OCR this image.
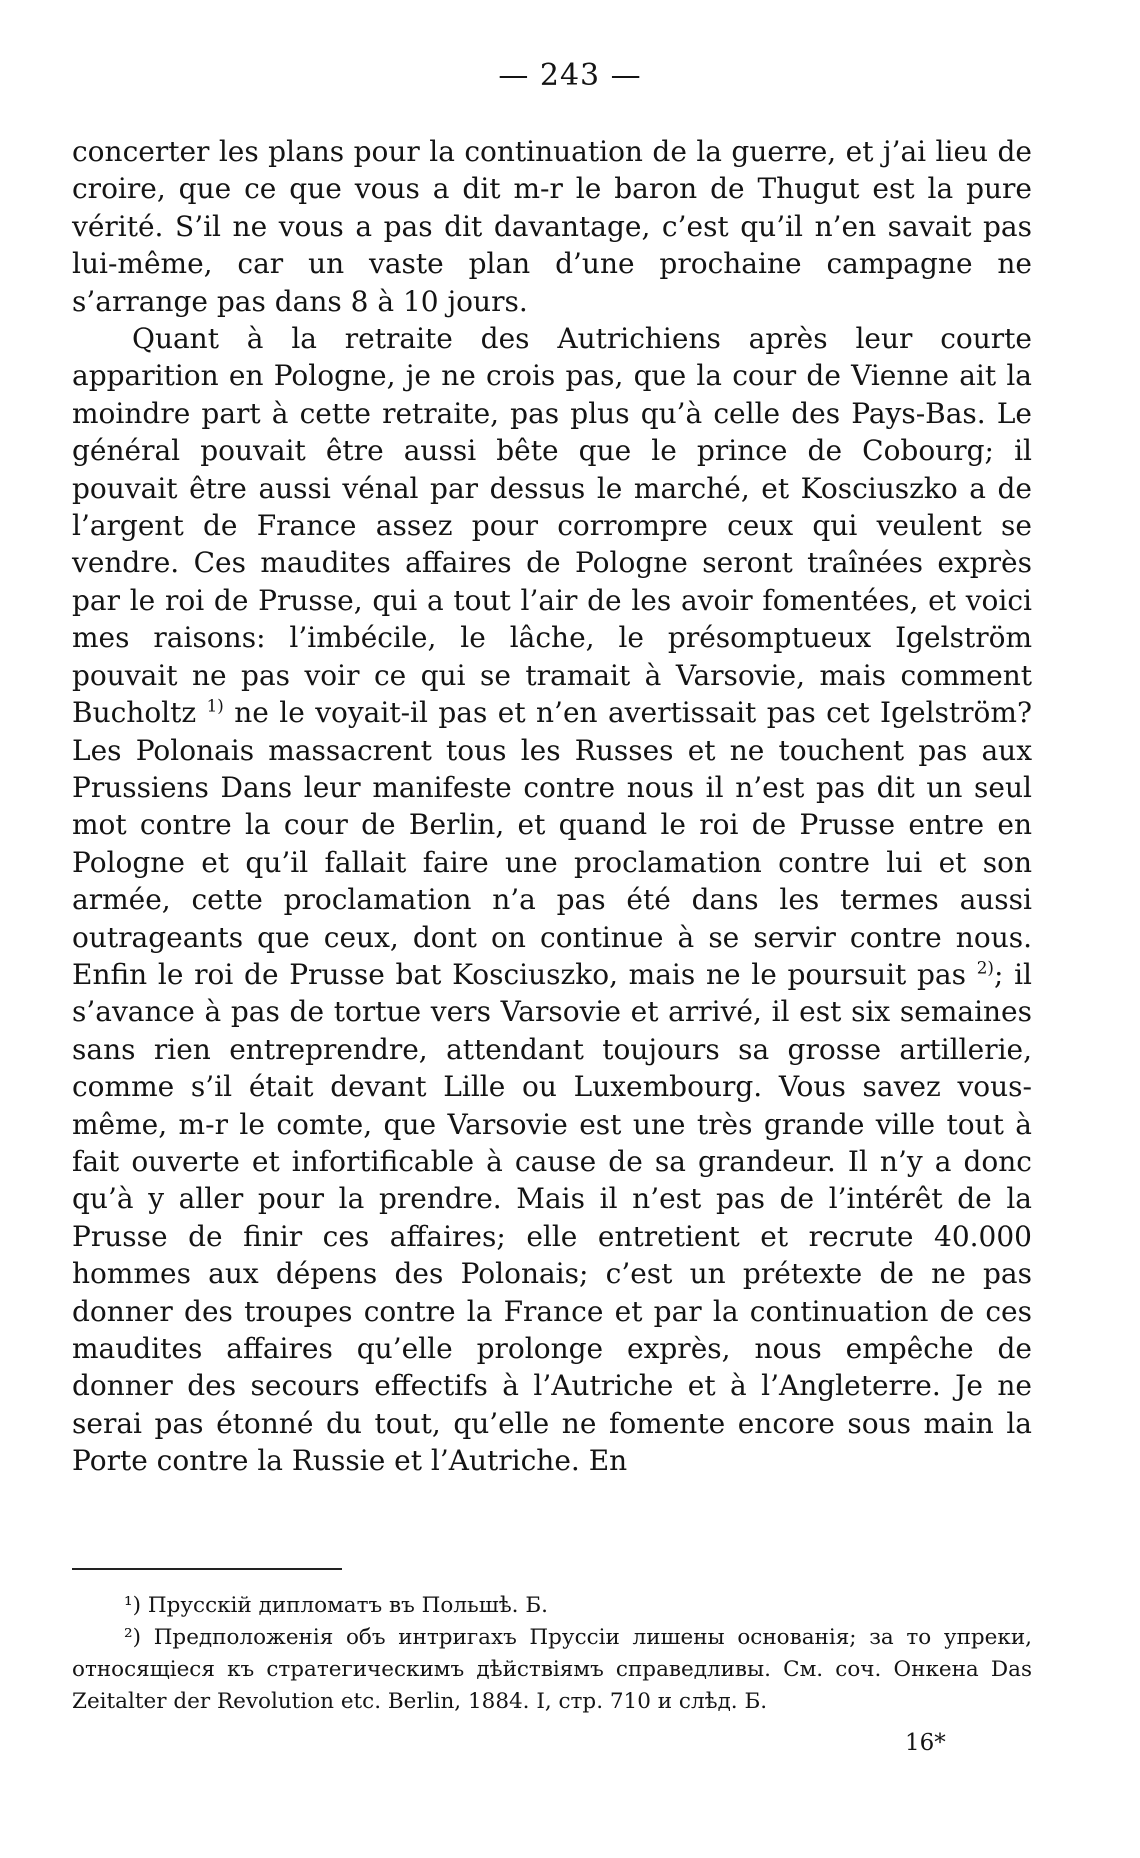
— 243 —

concerter les plans pour la continuation de la guerre, et j’ai lieu de croire, que ce que vous a dit m-r le baron de Thugut est la pure vérité. S’il ne vous a pas dit davantage, c’est qu’il n’en savait pas lui-même, car un vaste plan d’une prochaine campagne ne s’arrange pas dans 8 à 10 jours.

Quant à la retraite des Autrichiens après leur courte apparition en Pologne, je ne crois pas, que la cour de Vienne ait la moindre part à cette retraite, pas plus qu’à celle des Pays-Bas. Le général pouvait être aussi bête que le prince de Cobourg; il pouvait être aussi vénal par dessus le marché, et Kosciuszko a de l’argent de France assez pour corrompre ceux qui veulent se vendre. Ces maudites affaires de Pologne seront traînées exprès par le roi de Prusse, qui a tout l’air de les avoir fomentées, et voici mes raisons: l’imbécile, le lâche, le présomptueux Igelström pouvait ne pas voir ce qui se tramait à Varsovie, mais comment Bucholtz $^{1)}$ ne le voyait-il pas et n’en avertissait pas cet Igelström? Les Polonais massacrent tous les Russes et ne touchent pas aux Prussiens Dans leur manifeste contre nous il n’est pas dit un seul mot contre la cour de Berlin, et quand le roi de Prusse entre en Pologne et qu’il fallait faire une proclamation contre lui et son armée, cette proclamation n’a pas été dans les termes aussi outrageants que ceux, dont on continue à se servir contre nous. Enfin le roi de Prusse bat Kosciuszko, mais ne le poursuit pas $^{2)}$; il s’avance à pas de tortue vers Varsovie et arrivé, il est six semaines sans rien entreprendre, attendant toujours sa grosse artillerie, comme s’il était devant Lille ou Luxembourg. Vous savez vous-même, m-r le comte, que Varsovie est une très grande ville tout à fait ouverte et infortificable à cause de sa grandeur. Il n’y a donc qu’à y aller pour la prendre. Mais il n’est pas de l’intérêt de la Prusse de finir ces affaires; elle entretient et recrute 40.000 hommes aux dépens des Polonais; c’est un prétexte de ne pas donner des troupes contre la France et par la continuation de ces maudites affaires qu’elle prolonge exprès, nous empêche de donner des secours effectifs à l’Autriche et à l’Angleterre. Je ne serai pas étonné du tout, qu’elle ne fomente encore sous main la Porte contre la Russie et l’Autriche. En

¹) Прусскій дипломатъ въ Польшѣ. Б.

²) Предположенія объ интригахъ Пруссіи лишены основанія; за то упреки, относящіеся къ стратегическимъ дѣйствіямъ справедливы. См. соч. Онкена Das Zeitalter der Revolution etc. Berlin, 1884. I, стр. 710 и слѣд. Б.

16*
